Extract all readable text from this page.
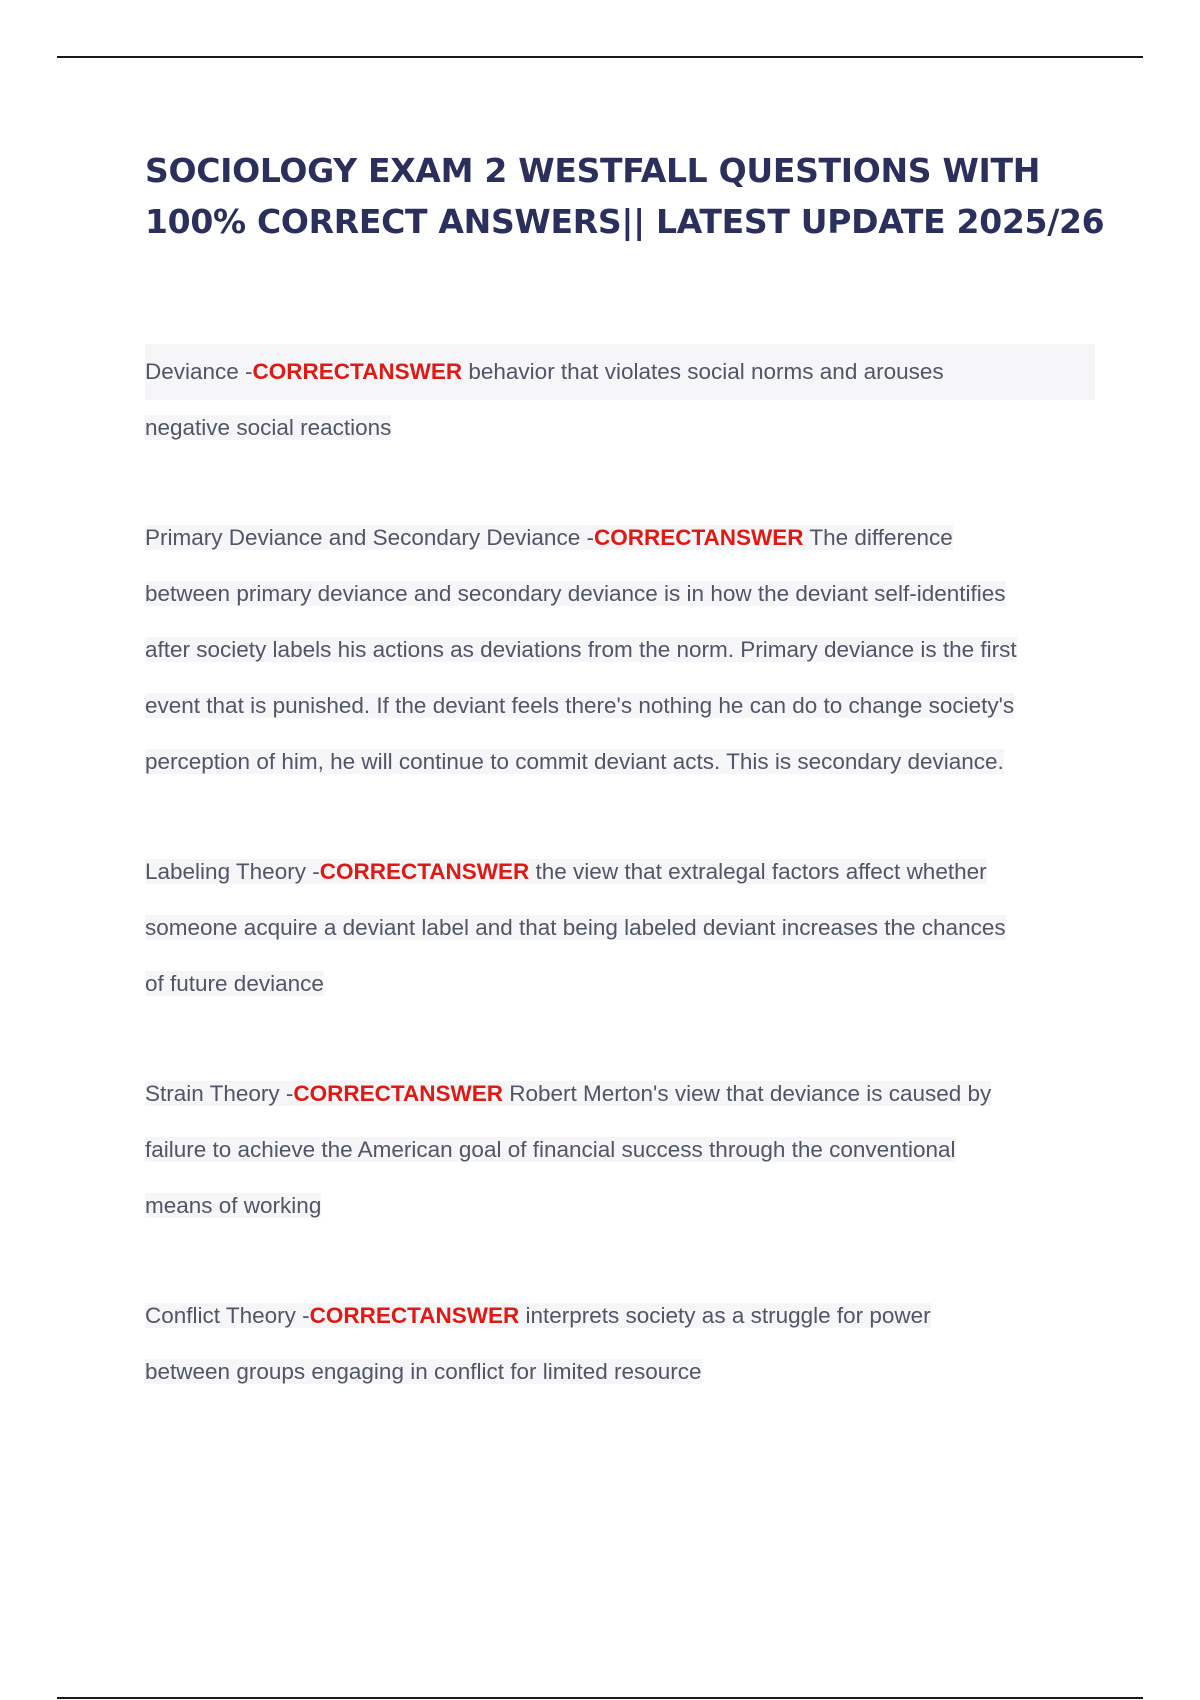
SOCIOLOGY EXAM 2 WESTFALL QUESTIONS WITH
100% CORRECT ANSWERS|| LATEST UPDATE 2025/26

Deviance -CORRECTANSWER behavior that violates social norms and arouses
negative social reactions

Primary Deviance and Secondary Deviance -CORRECTANSWER The difference
between primary deviance and secondary deviance is in how the deviant self-identifies
after society labels his actions as deviations from the norm. Primary deviance is the first
event that is punished. If the deviant feels there's nothing he can do to change society's
perception of him, he will continue to commit deviant acts. This is secondary deviance.

Labeling Theory -CORRECTANSWER the view that extralegal factors affect whether
someone acquire a deviant label and that being labeled deviant increases the chances
of future deviance

Strain Theory -CORRECTANSWER Robert Merton's view that deviance is caused by
failure to achieve the American goal of financial success through the conventional
means of working

Conflict Theory -CORRECTANSWER interprets society as a struggle for power
between groups engaging in conflict for limited resource
